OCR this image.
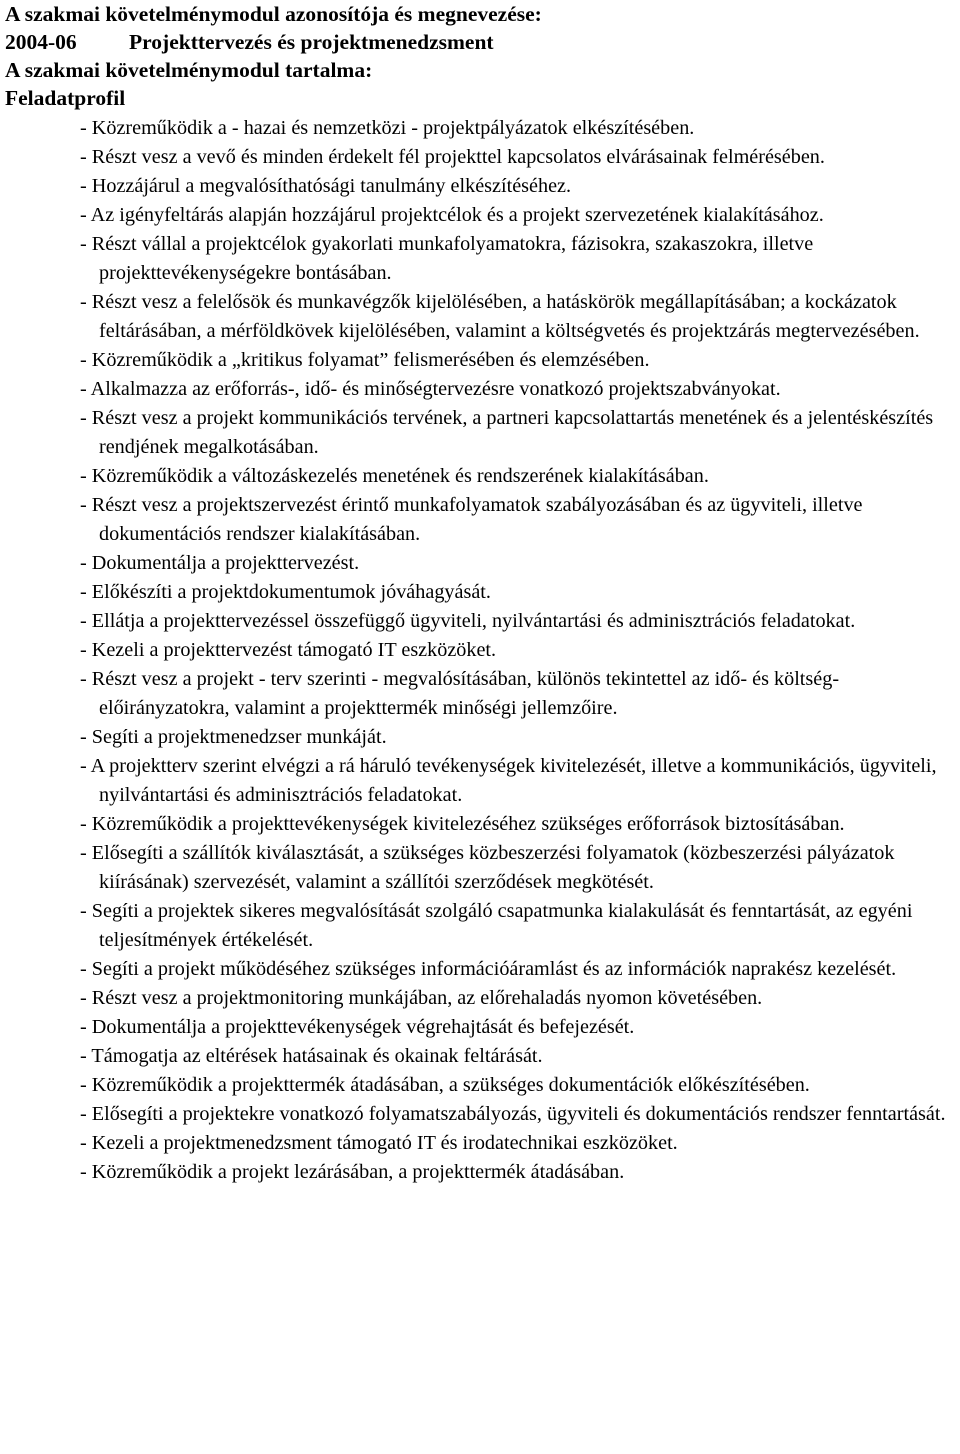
A szakmai követelménymodul azonosítója és megnevezése:
2004-06 Projekttervezés és projektmenedzsment
A szakmai követelménymodul tartalma:
Feladatprofil
- Közreműködik a - hazai és nemzetközi - projektpályázatok elkészítésében.
- Részt vesz a vevő és minden érdekelt fél projekttel kapcsolatos elvárásainak felmérésében.
- Hozzájárul a megvalósíthatósági tanulmány elkészítéséhez.
- Az igényfeltárás alapján hozzájárul projektcélok és a projekt szervezetének kialakításához.
- Részt vállal a projektcélok gyakorlati munkafolyamatokra, fázisokra, szakaszokra, illetve projekttevékenységekre bontásában.
- Részt vesz a felelősök és munkavégzők kijelölésében, a hatáskörök megállapításában; a kockázatok feltárásában, a mérföldkövek kijelölésében, valamint a költségvetés és projektzárás megtervezésében.
- Közreműködik a „kritikus folyamat” felismerésében és elemzésében.
- Alkalmazza az erőforrás-, idő- és minőségtervezésre vonatkozó projektszabványokat.
- Részt vesz a projekt kommunikációs tervének, a partneri kapcsolattartás menetének és a jelentéskészítés rendjének megalkotásában.
- Közreműködik a változáskezelés menetének és rendszerének kialakításában.
- Részt vesz a projektszervezést érintő munkafolyamatok szabályozásában és az ügyviteli, illetve dokumentációs rendszer kialakításában.
- Dokumentálja a projekttervezést.
- Előkészíti a projektdokumentumok jóváhagyását.
- Ellátja a projekttervezéssel összefüggő ügyviteli, nyilvántartási és adminisztrációs feladatokat.
- Kezeli a projekttervezést támogató IT eszközöket.
- Részt vesz a projekt - terv szerinti - megvalósításában, különös tekintettel az idő- és költség-előirányzatokra, valamint a projekttermék minőségi jellemzőire.
- Segíti a projektmenedzser munkáját.
- A projektterv szerint elvégzi a rá háruló tevékenységek kivitelezését, illetve a kommunikációs, ügyviteli, nyilvántartási és adminisztrációs feladatokat.
- Közreműködik a projekttevékenységek kivitelezéséhez szükséges erőforrások biztosításában.
- Elősegíti a szállítók kiválasztását, a szükséges közbeszerzési folyamatok (közbeszerzési pályázatok kiírásának) szervezését, valamint a szállítói szerződések megkötését.
- Segíti a projektek sikeres megvalósítását szolgáló csapatmunka kialakulását és fenntartását, az egyéni teljesítmények értékelését.
- Segíti a projekt működéséhez szükséges információáramlást és az információk naprakész kezelését.
- Részt vesz a projektmonitoring munkájában, az előrehaladás nyomon követésében.
- Dokumentálja a projekttevékenységek végrehajtását és befejezését.
- Támogatja az eltérések hatásainak és okainak feltárását.
- Közreműködik a projekttermék átadásában, a szükséges dokumentációk előkészítésében.
- Elősegíti a projektekre vonatkozó folyamatszabályozás, ügyviteli és dokumentációs rendszer fenntartását.
- Kezeli a projektmenedzsment támogató IT és irodatechnikai eszközöket.
- Közreműködik a projekt lezárásában, a projekttermék átadásában.
